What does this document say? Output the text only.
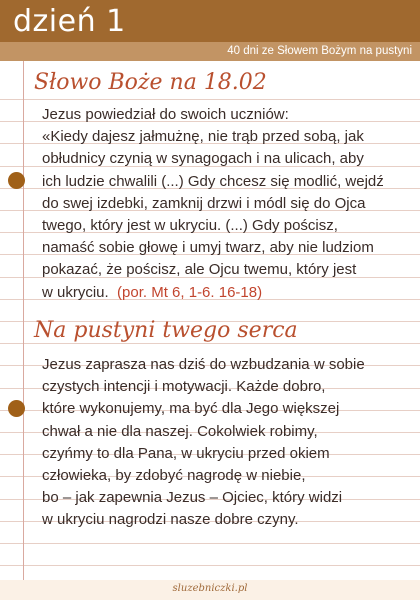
dzień 1
40 dni ze Słowem Bożym na pustyni
Słowo Boże na 18.02

Jezus powiedział do swoich uczniów:

«Kiedy dajesz jałmużnę, nie trąb przed sobą, jak

obłudnicy czynią w synagogach i na ulicach, aby

ich ludzie chwalili (...) Gdy chcesz się modlić, wejdź

do swej izdebki, zamknij drzwi i módl się do Ojca

twego, który jest w ukryciu. (...) Gdy pościsz,

namaść sobie głowę i umyj twarz, aby nie ludziom

pokazać, że pościsz, ale Ojcu twemu, który jest

w ukryciu. (por. Mt 6, 1-6. 16-18)

Na pustyni twego serca

Jezus zaprasza nas dziś do wzbudzania w sobie

czystych intencji i motywacji. Każde dobro,

które wykonujemy, ma być dla Jego większej

chwał a nie dla naszej. Cokolwiek robimy,

czyńmy to dla Pana, w ukryciu przed okiem

człowieka, by zdobyć nagrodę w niebie,

bo – jak zapewnia Jezus – Ojciec, który widzi

w ukryciu nagrodzi nasze dobre czyny.

sluzebniczki.pl
